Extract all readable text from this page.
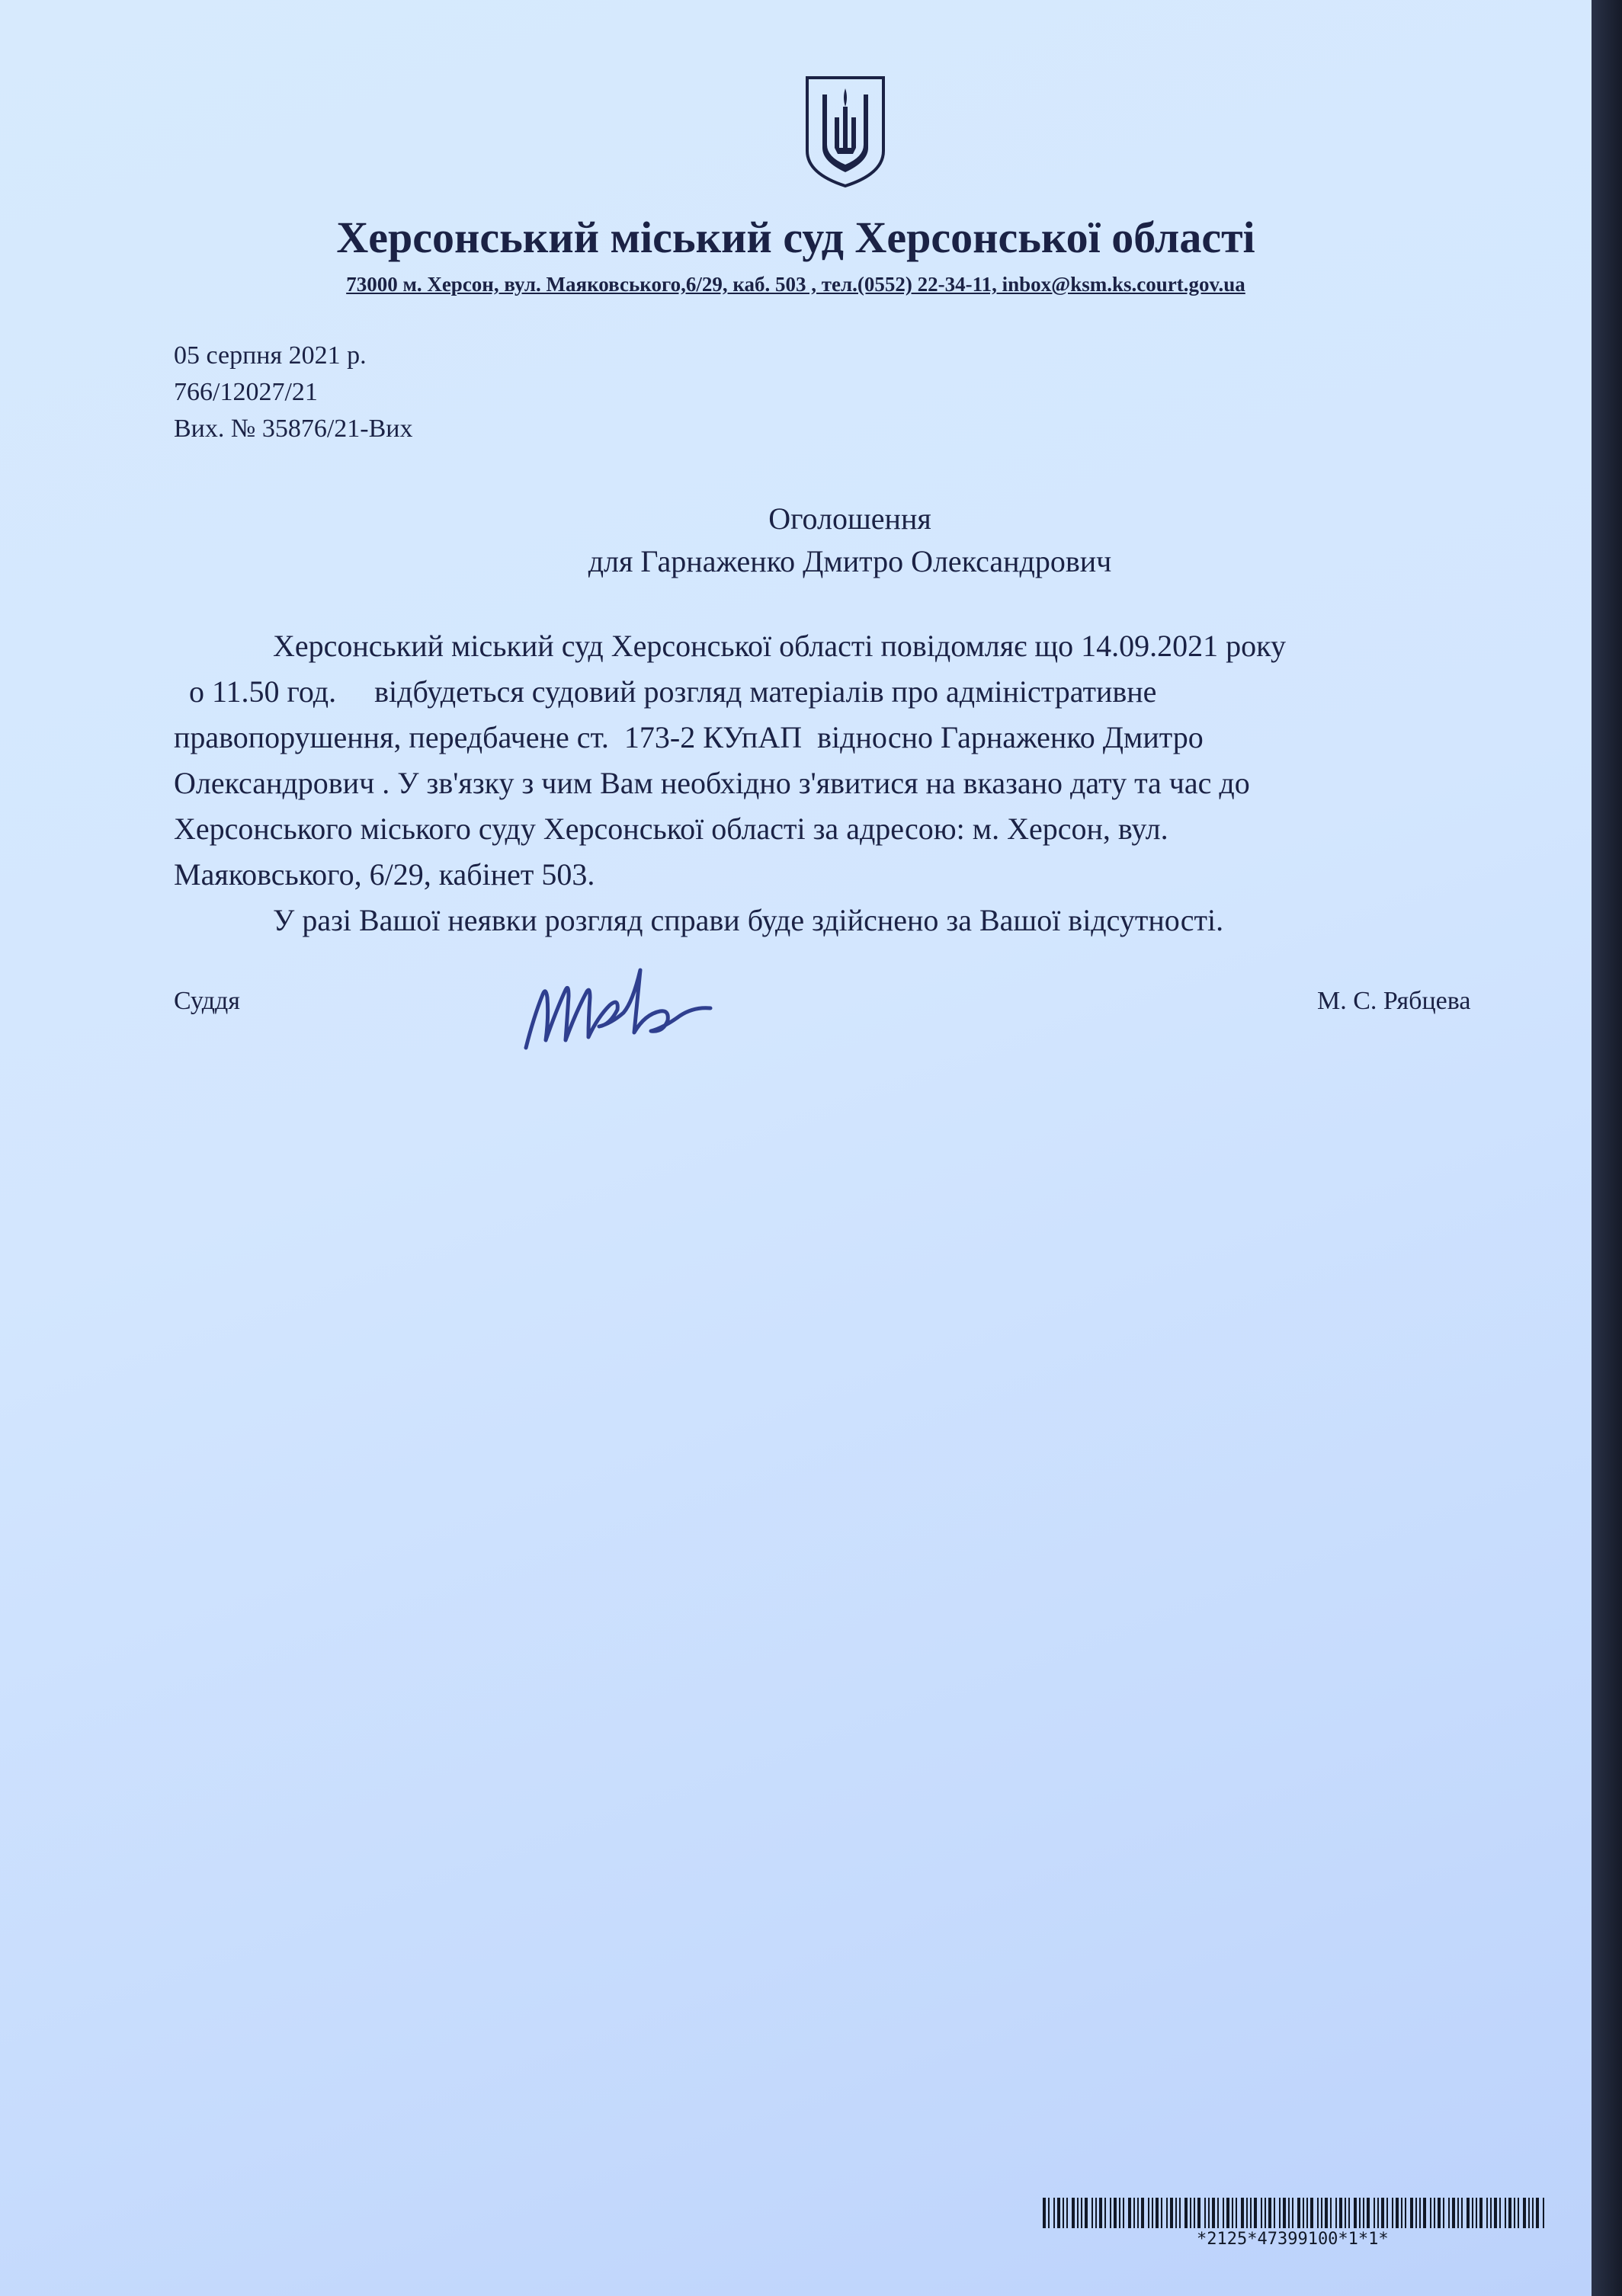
Херсонський міський суд Херсонської області
73000 м. Херсон, вул. Маяковського,6/29, каб. 503 , тел.(0552) 22-34-11, inbox@ksm.ks.court.gov.ua
05 серпня 2021 р.
766/12027/21
Вих. № 35876/21-Вих
Оголошення
для Гарнаженко Дмитро Олександрович
Херсонський міський суд Херсонської області повідомляє що 14.09.2021 року
о 11.50 год.     відбудеться судовий розгляд матеріалів про адміністративне
правопорушення, передбачене ст.  173-2 КУпАП  відносно Гарнаженко Дмитро
Олександрович . У зв'язку з чим Вам необхідно з'явитися на вказано дату та час до
Херсонського міського суду Херсонської області за адресою: м. Херсон, вул.
Маяковського, 6/29, кабінет 503.
У разі Вашої неявки розгляд справи буде здійснено за Вашої відсутності.
Суддя	М. С. Рябцева
*2125*47399100*1*1*
